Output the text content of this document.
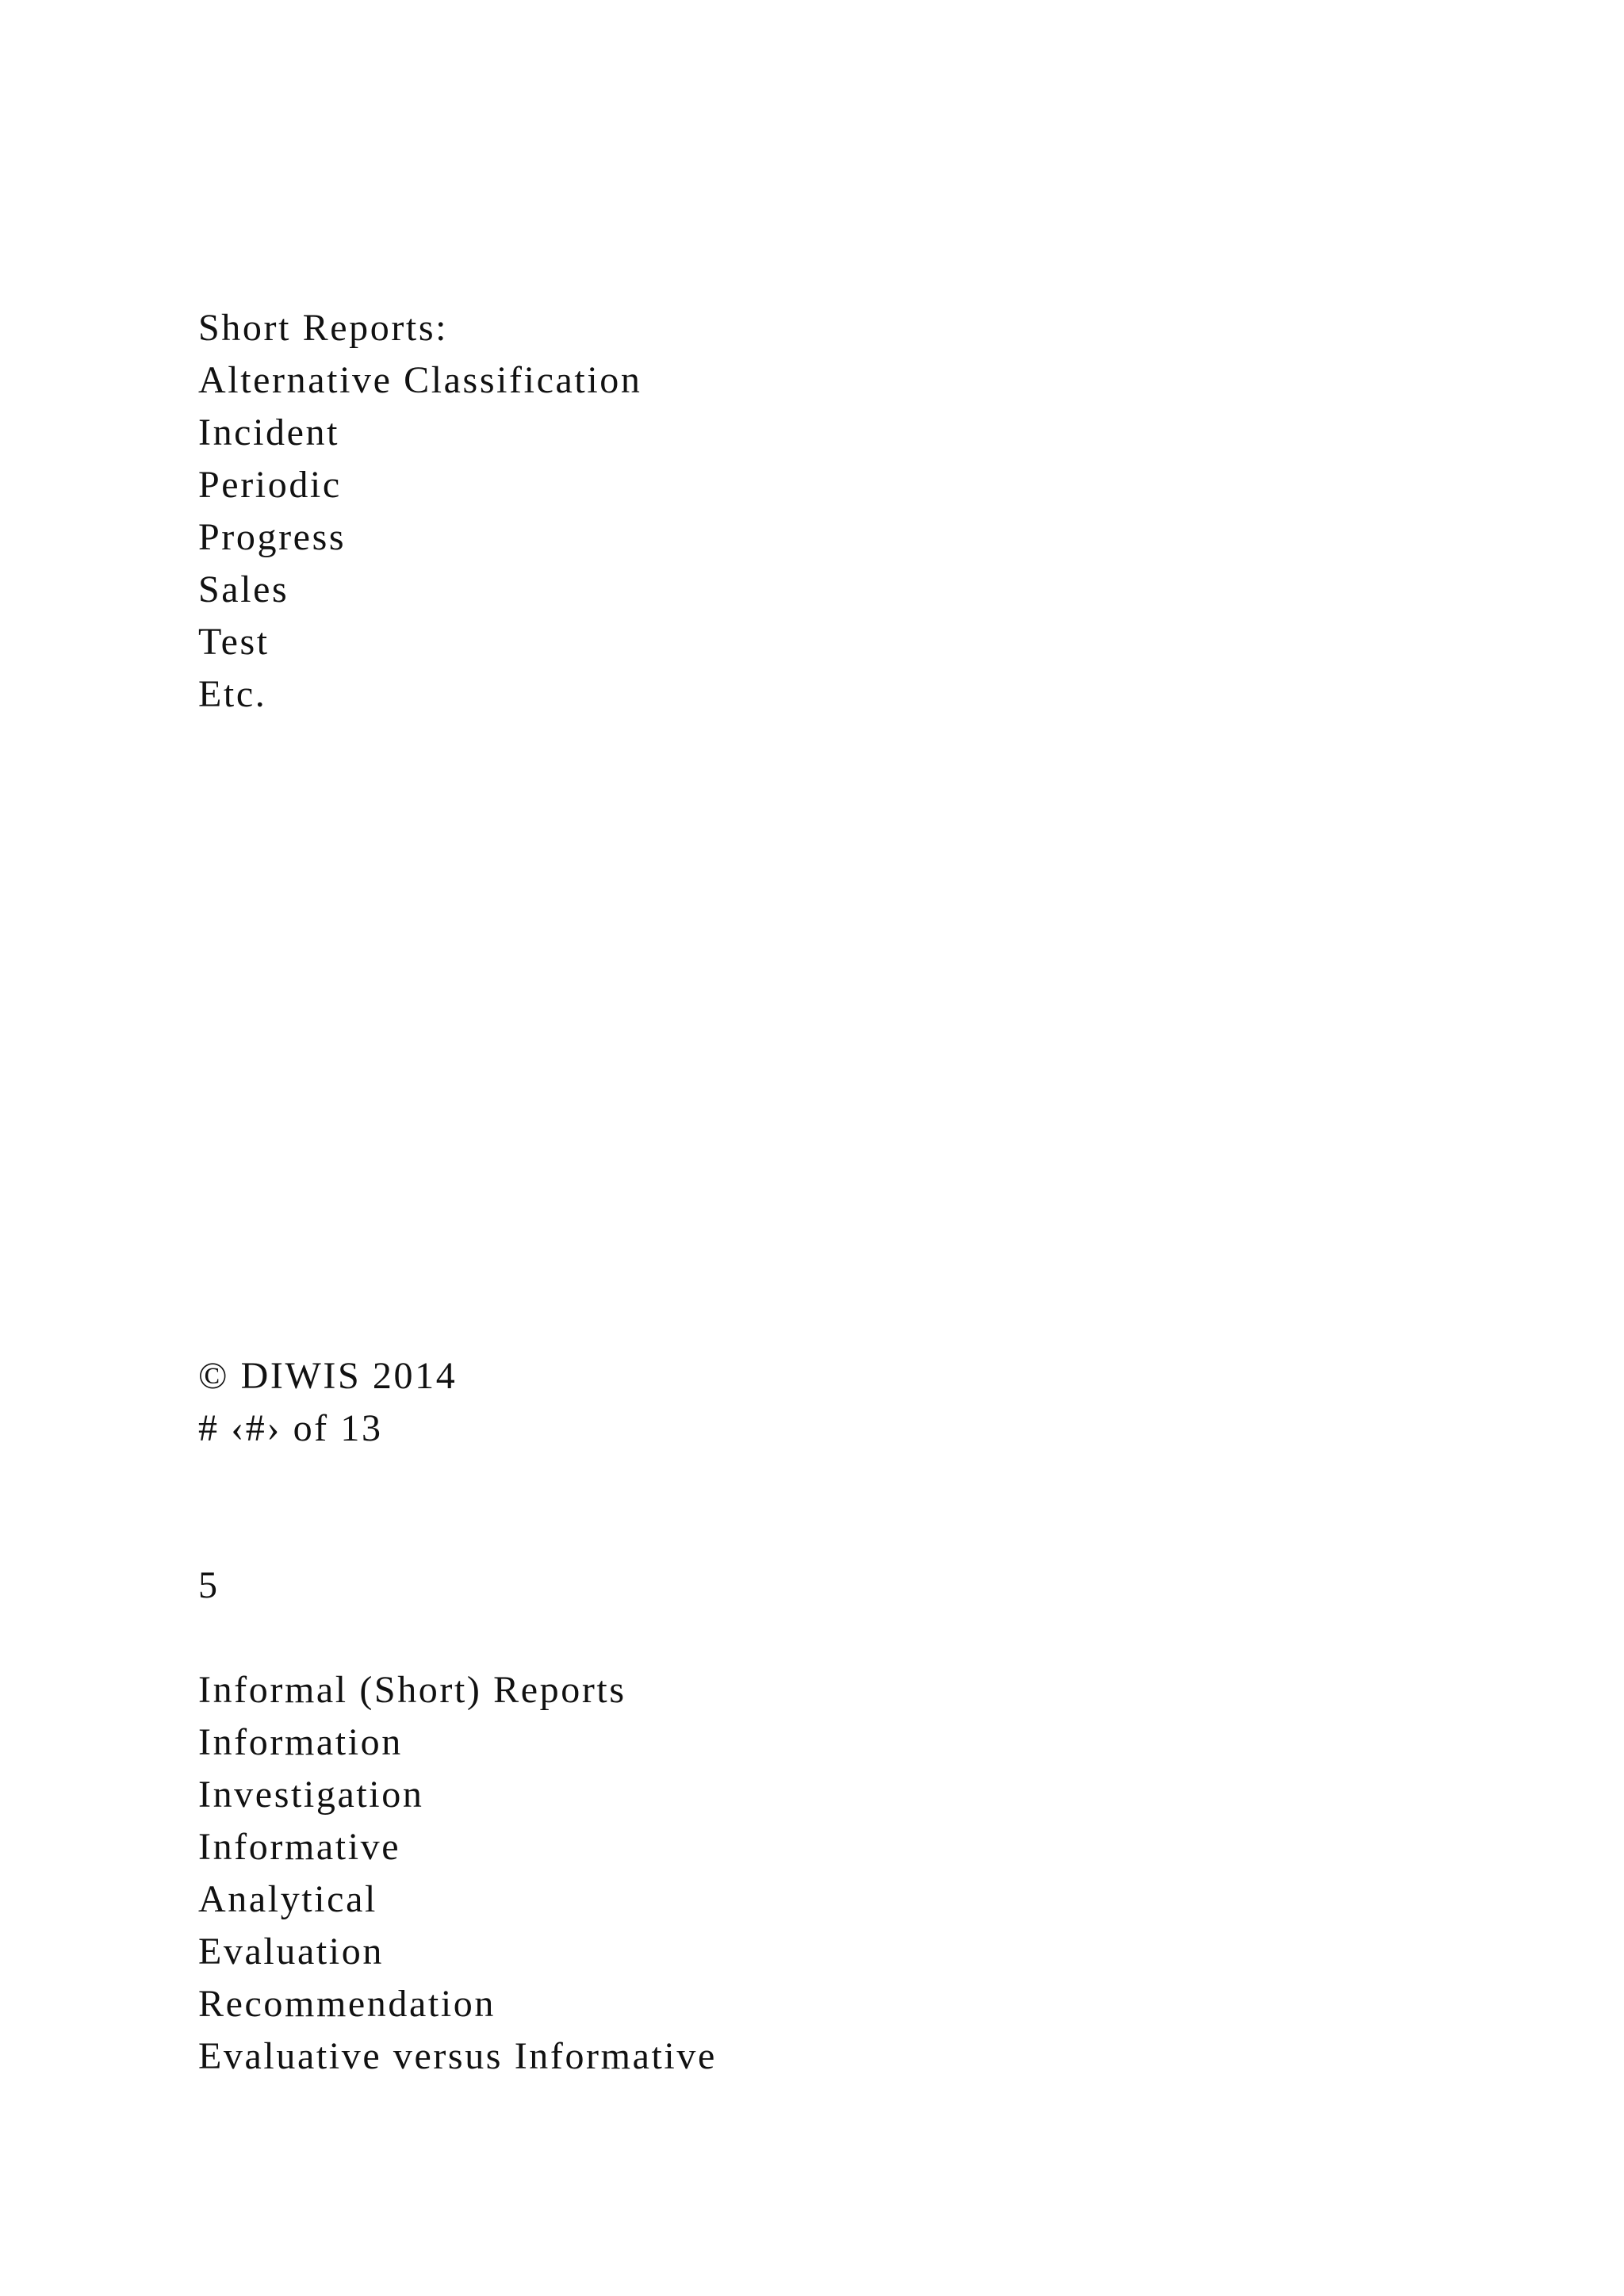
Short Reports:

Alternative Classification

Incident

Periodic

Progress

Sales

Test

Etc.

© DIWIS 2014

# ‹#› of 13

5

Informal (Short) Reports

Information

Investigation

Informative

Analytical

Evaluation

Recommendation

Evaluative versus Informative
